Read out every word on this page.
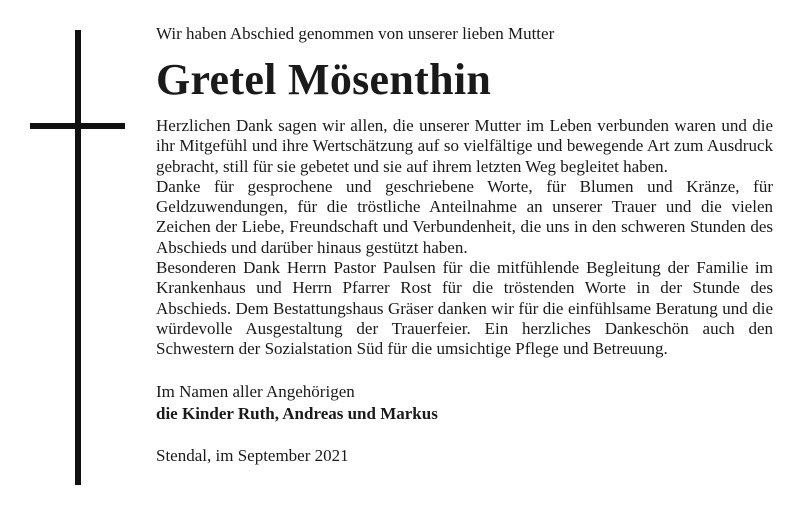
Wir haben Abschied genommen von unserer lieben Mutter

Gretel Mösenthin
Herzlichen Dank sagen wir allen, die unserer Mutter im Leben verbunden waren und die ihr Mitgefühl und ihre Wertschätzung auf so vielfältige und bewegende Art zum Ausdruck gebracht, still für sie gebetet und sie auf ihrem letzten Weg begleitet haben.
Danke für gesprochene und geschriebene Worte, für Blumen und Kränze, für Geldzuwendungen, für die tröstliche Anteilnahme an unserer Trauer und die vielen Zeichen der Liebe, Freundschaft und Verbundenheit, die uns in den schweren Stunden des Abschieds und darüber hinaus gestützt haben.
Besonderen Dank Herrn Pastor Paulsen für die mitfühlende Begleitung der Familie im Krankenhaus und Herrn Pfarrer Rost für die tröstenden Worte in der Stunde des Abschieds. Dem Bestattungshaus Gräser danken wir für die einfühlsame Beratung und die würdevolle Ausgestaltung der Trauerfeier. Ein herzliches Dankeschön auch den Schwestern der Sozialstation Süd für die umsichtige Pflege und Betreuung.
Im Namen aller Angehörigen
die Kinder Ruth, Andreas und Markus
Stendal, im September 2021
